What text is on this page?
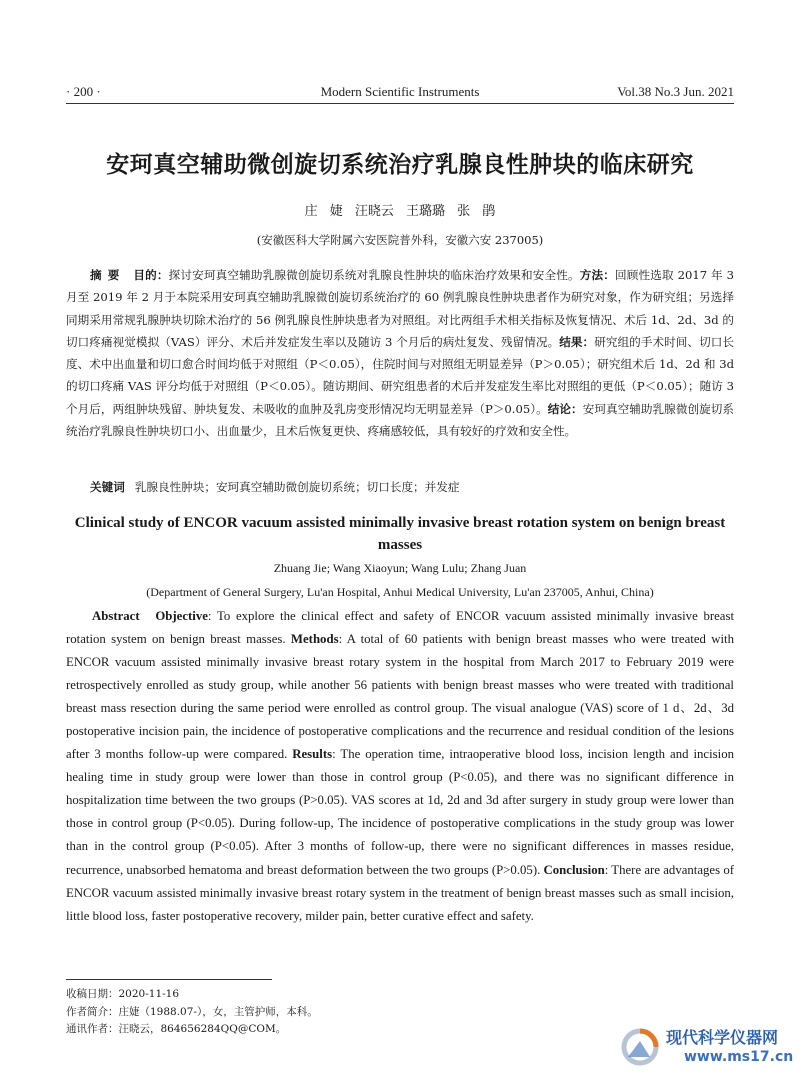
· 200 ·	Modern Scientific Instruments	Vol.38 No.3 Jun. 2021
安珂真空辅助微创旋切系统治疗乳腺良性肿块的临床研究
庄 婕 汪晓云 王璐璐 张 鹃
(安徽医科大学附属六安医院普外科，安徽六安 237005)
摘要 目的：探讨安珂真空辅助乳腺微创旋切系统对乳腺良性肿块的临床治疗效果和安全性。方法：回顾性选取 2017 年 3 月至 2019 年 2 月于本院采用安珂真空辅助乳腺微创旋切系统治疗的 60 例乳腺良性肿块患者作为研究对象，作为研究组；另选择同期采用常规乳腺肿块切除术治疗的 56 例乳腺良性肿块患者为对照组。对比两组手术相关指标及恢复情况、术后 1d、2d、3d 的切口疼痛视觉模拟（VAS）评分、术后并发症发生率以及随访 3 个月后的病灶复发、残留情况。结果：研究组的手术时间、切口长度、术中出血量和切口愈合时间均低于对照组（P＜0.05），住院时间与对照组无明显差异（P＞0.05）；研究组术后 1d、2d 和 3d 的切口疼痛 VAS 评分均低于对照组（P＜0.05）。随访期间、研究组患者的术后并发症发生率比对照组的更低（P＜0.05）；随访 3 个月后，两组肿块残留、肿块复发、未吸收的血肿及乳房变形情况均无明显差异（P＞0.05）。结论：安珂真空辅助乳腺微创旋切系统治疗乳腺良性肿块切口小、出血量少，且术后恢复更快、疼痛感较低，具有较好的疗效和安全性。
关键词 乳腺良性肿块；安珂真空辅助微创旋切系统；切口长度；并发症
Clinical study of ENCOR vacuum assisted minimally invasive breast rotation system on benign breast masses
Zhuang Jie; Wang Xiaoyun; Wang Lulu; Zhang Juan
(Department of General Surgery, Lu'an Hospital, Anhui Medical University, Lu'an 237005, Anhui, China)
Abstract Objective: To explore the clinical effect and safety of ENCOR vacuum assisted minimally invasive breast rotation system on benign breast masses. Methods: A total of 60 patients with benign breast masses who were treated with ENCOR vacuum assisted minimally invasive breast rotary system in the hospital from March 2017 to February 2019 were retrospectively enrolled as study group, while another 56 patients with benign breast masses who were treated with traditional breast mass resection during the same period were enrolled as control group. The visual analogue (VAS) score of 1 d、2d、3d postoperative incision pain, the incidence of postoperative complications and the recurrence and residual condition of the lesions after 3 months follow-up were compared. Results: The operation time, intraoperative blood loss, incision length and incision healing time in study group were lower than those in control group (P<0.05), and there was no significant difference in hospitalization time between the two groups (P>0.05). VAS scores at 1d, 2d and 3d after surgery in study group were lower than those in control group (P<0.05). During follow-up, The incidence of postoperative complications in the study group was lower than in the control group (P<0.05). After 3 months of follow-up, there were no significant differences in masses residue, recurrence, unabsorbed hematoma and breast deformation between the two groups (P>0.05). Conclusion: There are advantages of ENCOR vacuum assisted minimally invasive breast rotary system in the treatment of benign breast masses such as small incision, little blood loss, faster postoperative recovery, milder pain, better curative effect and safety.
收稿日期：2020-11-16
作者简介：庄婕（1988.07-），女，主管护师，本科。
通讯作者：汪晓云，864656284QQ@COM。	现代科学仪器网
www.ms17.cn
